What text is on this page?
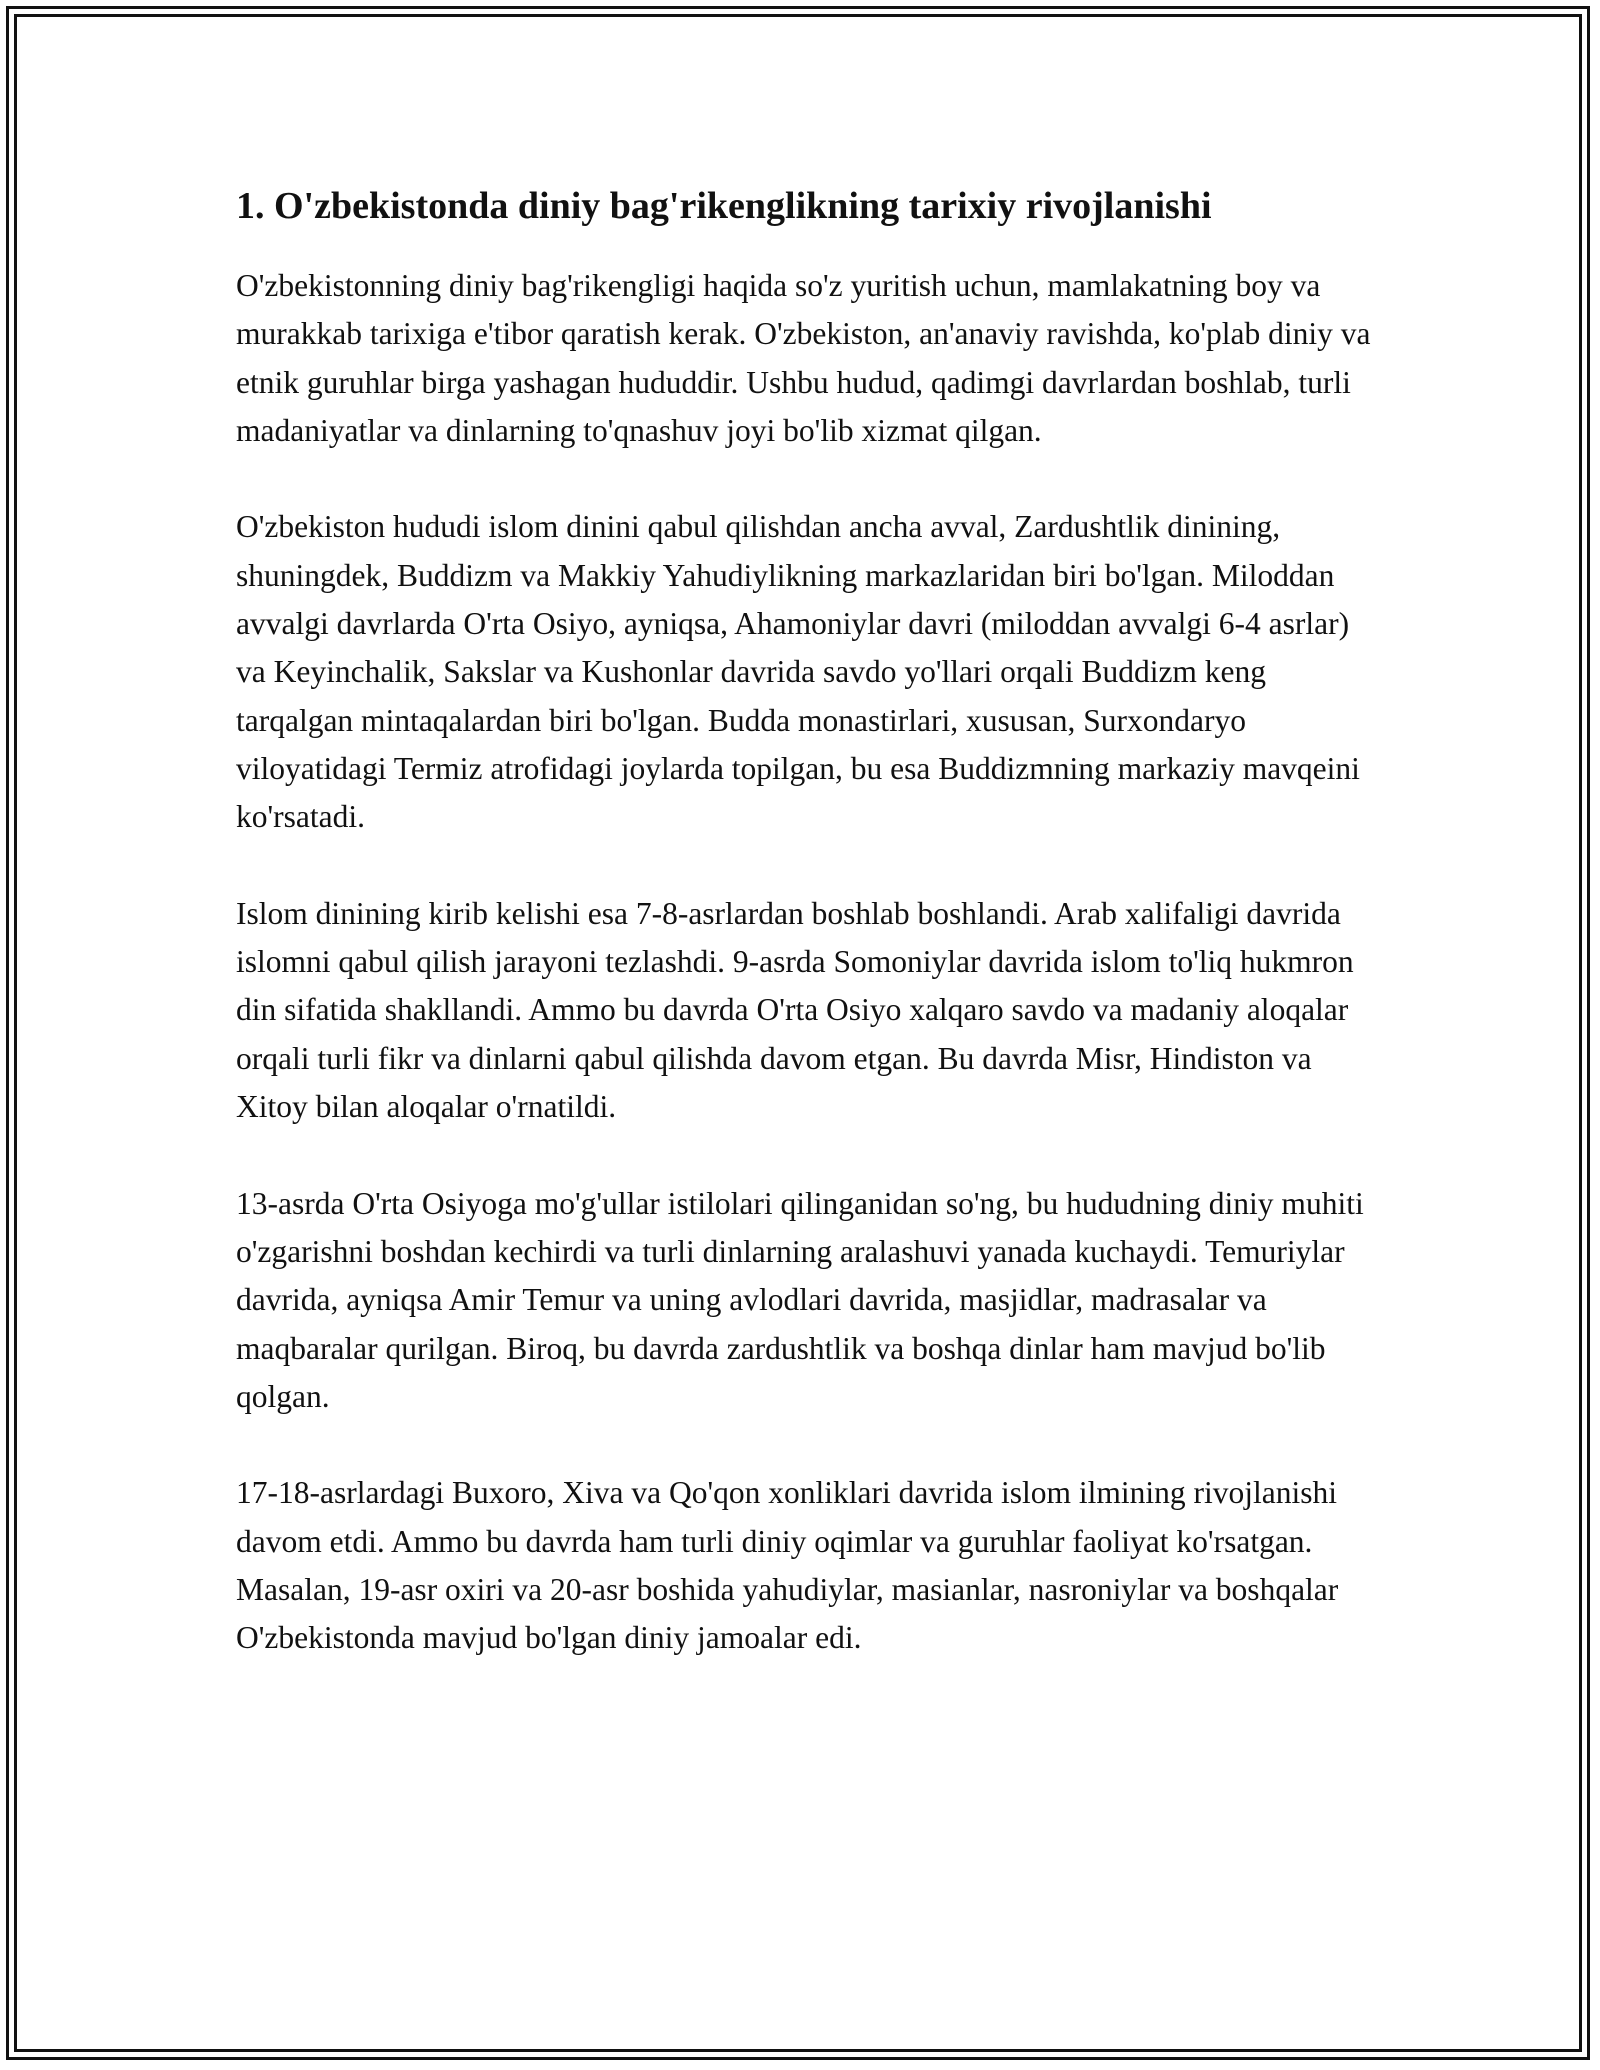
1. O'zbekistonda diniy bag'rikenglikning tarixiy rivojlanishi

O'zbekistonning diniy bag'rikengligi haqida so'z yuritish uchun, mamlakatning boy va murakkab tarixiga e'tibor qaratish kerak. O'zbekiston, an'anaviy ravishda, ko'plab diniy va etnik guruhlar birga yashagan hududdir. Ushbu hudud, qadimgi davrlardan boshlab, turli madaniyatlar va dinlarning to'qnashuv joyi bo'lib xizmat qilgan.

O'zbekiston hududi islom dinini qabul qilishdan ancha avval, Zardushtlik dinining, shuningdek, Buddizm va Makkiy Yahudiylikning markazlaridan biri bo'lgan. Miloddan avvalgi davrlarda O'rta Osiyo, ayniqsa, Ahamoniylar davri (miloddan avvalgi 6-4 asrlar) va Keyinchalik, Sakslar va Kushonlar davrida savdo yo'llari orqali Buddizm keng tarqalgan mintaqalardan biri bo'lgan. Budda monastirlari, xususan, Surxondaryo viloyatidagi Termiz atrofidagi joylarda topilgan, bu esa Buddizmning markaziy mavqeini ko'rsatadi.

Islom dinining kirib kelishi esa 7-8-asrlardan boshlab boshlandi. Arab xalifaligi davrida islomni qabul qilish jarayoni tezlashdi. 9-asrda Somoniylar davrida islom to'liq hukmron din sifatida shakllandi. Ammo bu davrda O'rta Osiyo xalqaro savdo va madaniy aloqalar orqali turli fikr va dinlarni qabul qilishda davom etgan. Bu davrda Misr, Hindiston va Xitoy bilan aloqalar o'rnatildi.

13-asrda O'rta Osiyoga mo'g'ullar istilolari qilinganidan so'ng, bu hududning diniy muhiti o'zgarishni boshdan kechirdi va turli dinlarning aralashuvi yanada kuchaydi. Temuriylar davrida, ayniqsa Amir Temur va uning avlodlari davrida, masjidlar, madrasalar va maqbaralar qurilgan. Biroq, bu davrda zardushtlik va boshqa dinlar ham mavjud bo'lib qolgan.

17-18-asrlardagi Buxoro, Xiva va Qo'qon xonliklari davrida islom ilmining rivojlanishi davom etdi. Ammo bu davrda ham turli diniy oqimlar va guruhlar faoliyat ko'rsatgan. Masalan, 19-asr oxiri va 20-asr boshida yahudiylar, masianlar, nasroniylar va boshqalar O'zbekistonda mavjud bo'lgan diniy jamoalar edi.
